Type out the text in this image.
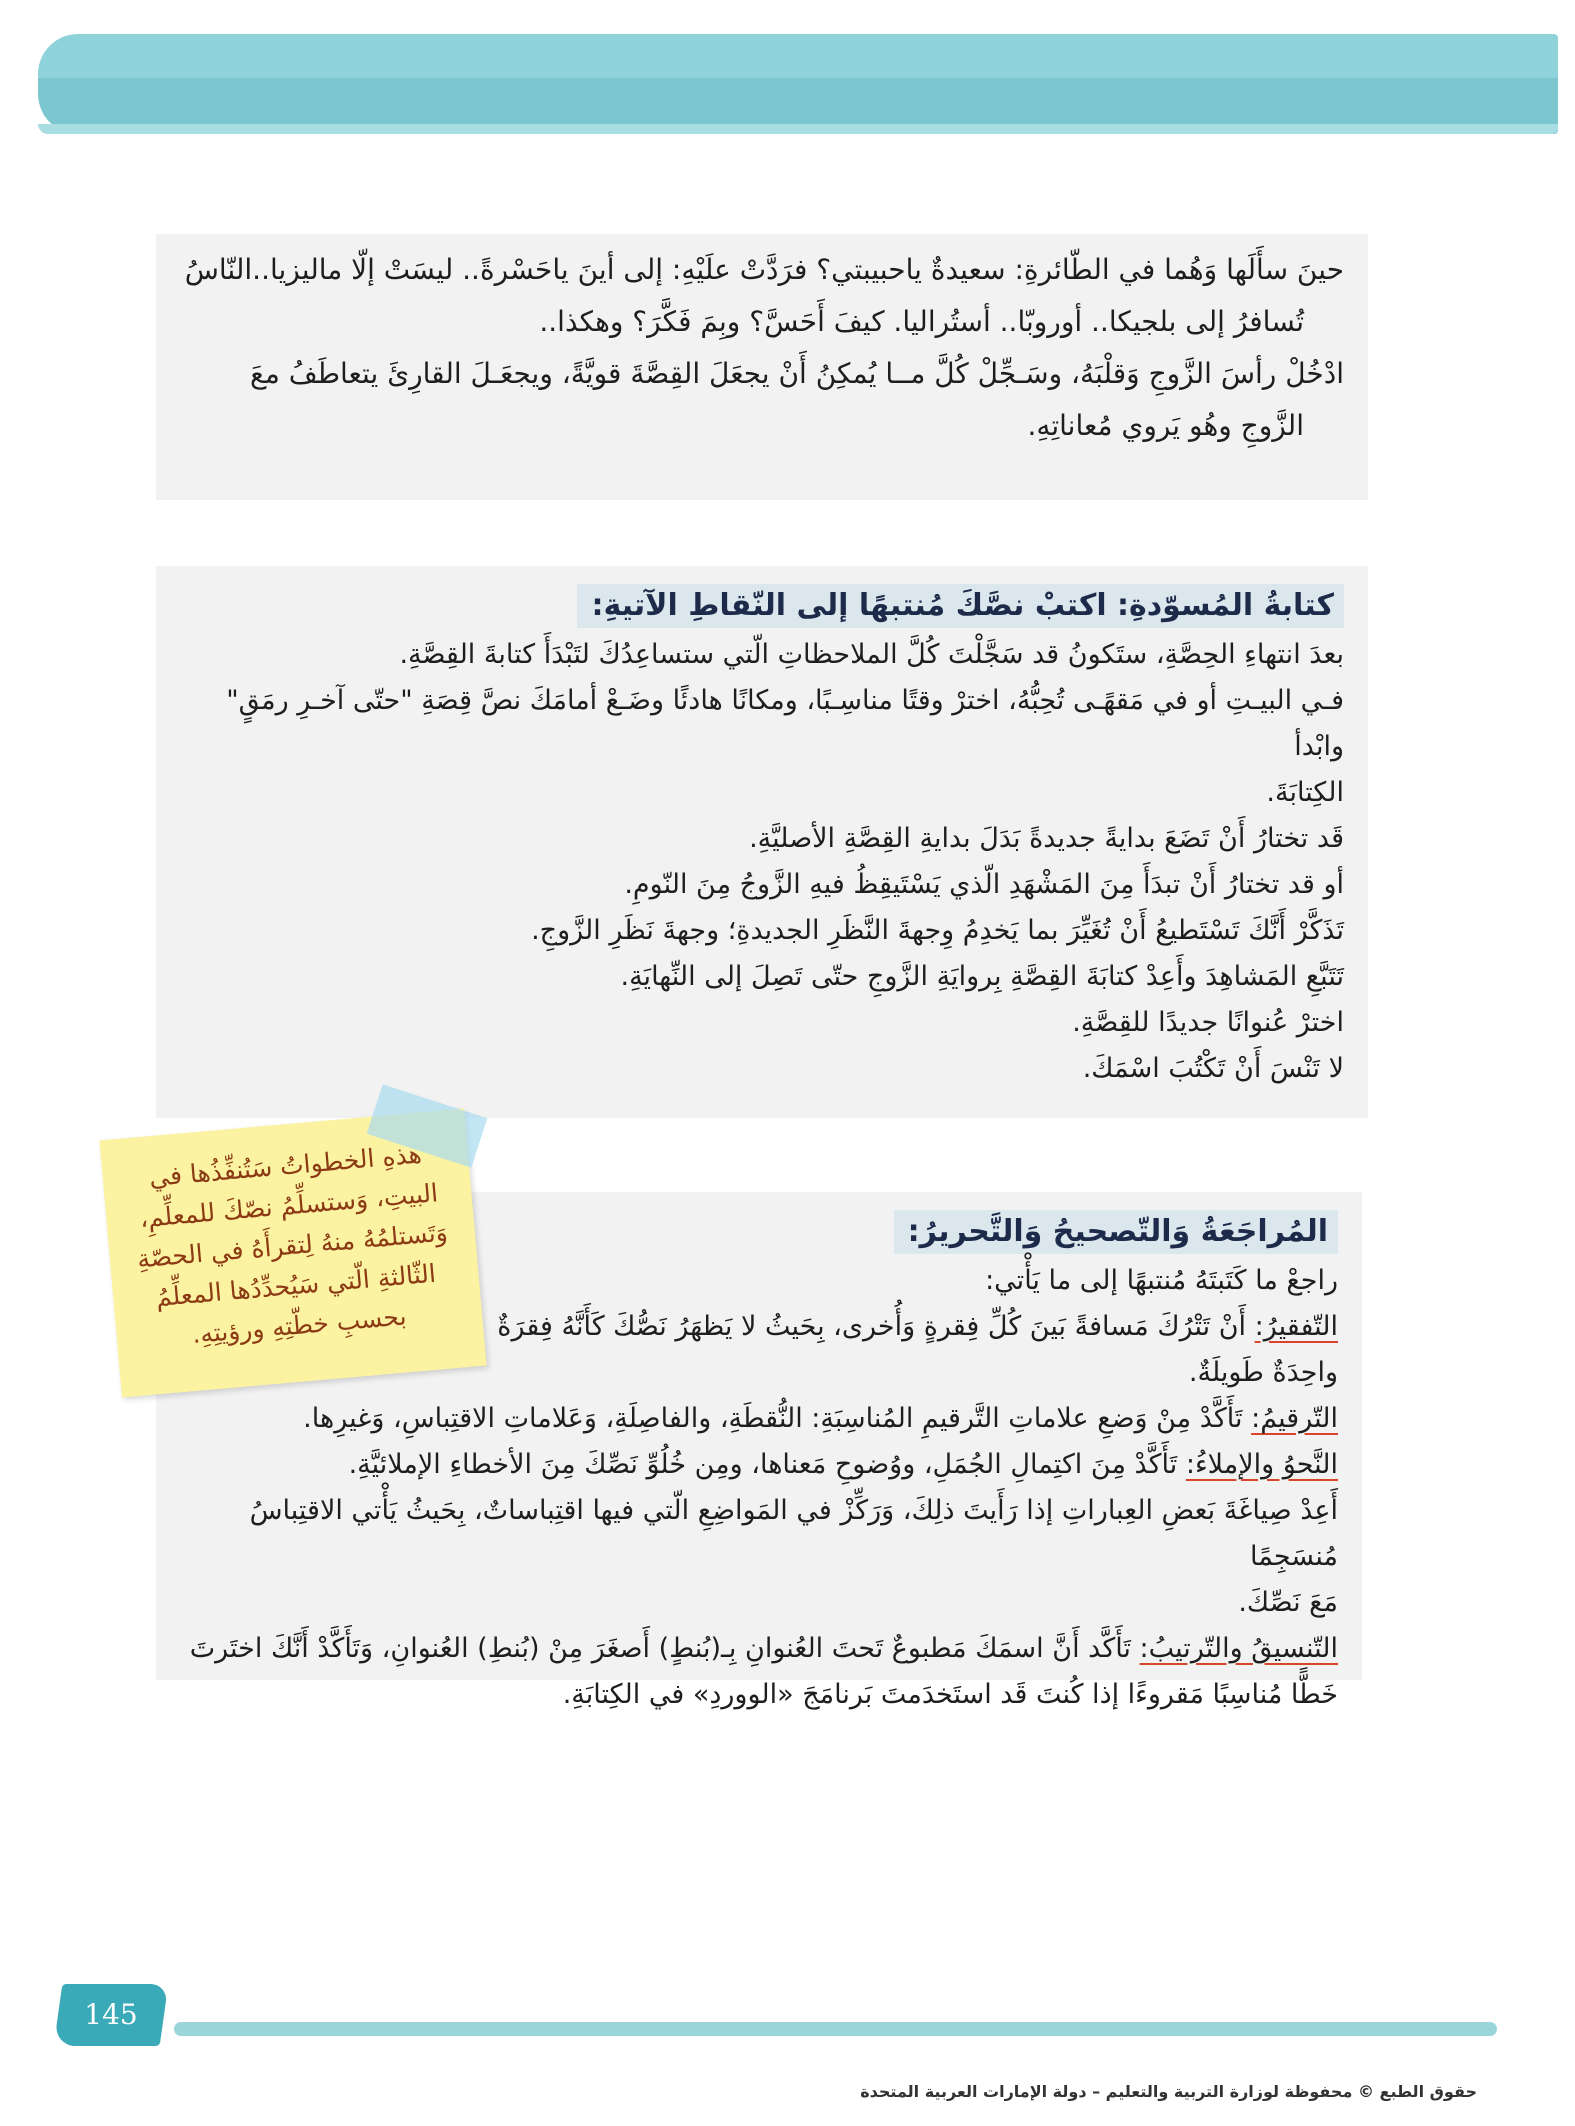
حينَ سأَلَها وَهُما في الطّائرةِ: سعيدةٌ ياحبيبتي؟ فرَدَّتْ علَيْهِ: إلى أينَ ياحَسْرةً.. ليسَتْ إلّا ماليزيا..النّاسُ

تُسافرُ إلى بلجيكا.. أوروبّا.. أستُراليا. كيفَ أَحَسَّ؟ وبِمَ فَكَّرَ؟ وهكذا..

ادْخُلْ رأسَ الزَّوجِ وَقلْبَهُ، وسَـجِّلْ كُلَّ مــا يُمكِنُ أَنْ يجعَلَ القِصَّةَ قويَّةً، ويجعَـلَ القارِئَ يتعاطَفُ معَ

الزَّوجِ وهُو يَروي مُعاناتِهِ.

كتابةُ المُسوّدةِ: اكتبْ نصَّكَ مُنتبهًا إلى النّقاطِ الآتيةِ:

بعدَ انتهاءِ الحِصَّةِ، ستَكونُ قد سَجَّلْتَ كُلَّ الملاحظاتِ الّتي ستساعِدُكَ لتَبْدَأَ كتابةَ القِصَّةِ.

فـي البيـتِ أو في مَقهًـى تُحِبُّهُ، اخترْ وقتًا مناسِـبًا، ومكانًا هادئًا وضَـعْ أمامَكَ نصَّ قِصَةِ "حتّى آخـرِ رمَقٍ" وابْدأ

الكِتابَةَ.

قَد تختارُ أَنْ تَضَعَ بدايةً جديدةً بَدَلَ بدايةِ القِصَّةِ الأصليَّةِ.

أو قد تختارُ أَنْ تبدَأَ مِنَ المَشْهَدِ الّذي يَسْتَيقِظُ فيهِ الزَّوجُ مِنَ النّومِ.

تَذَكَّرْ أَنَّكَ تَسْتَطيعُ أَنْ تُغَيِّرَ بما يَخدِمُ وِجهةَ النَّظَرِ الجديدةِ؛ وجهةَ نَظَرِ الزَّوجِ.

تَتَبَّعِ المَشاهِدَ وأَعِدْ كتابَةَ القِصَّةِ بِروايَةِ الزَّوجِ حتّى تَصِلَ إلى النِّهايَةِ.

اخترْ عُنوانًا جديدًا للقِصَّةِ.

لا تَنْسَ أَنْ تَكْتُبَ اسْمَكَ.

المُراجَعَةُ وَالتّصحيحُ وَالتَّحريرُ:

راجعْ ما كَتَبتَهُ مُنتبهًا إلى ما يَأْتي:

التّفقيرُ: أَنْ تَتْرُكَ مَسافةً بَينَ كُلِّ فِقرةٍ وَأُخرى، بِحَيثُ لا يَظهَرُ نَصُّكَ كَأَنَّهُ فِقرَةٌ

واحِدَةٌ طَويلَةٌ.

التّرقيمُ: تَأَكَّدْ مِنْ وَضعِ علاماتِ التَّرقيمِ المُناسِبَةِ: النُّقطَةِ، والفاصِلَةِ، وَعَلاماتِ الاقتِباسِ، وَغيرِها.

النَّحوُ والإملاءُ: تَأَكَّدْ مِنَ اكتِمالِ الجُمَلِ، ووُضوحِ مَعناها، ومِن خُلُوِّ نَصِّكَ مِنَ الأخطاءِ الإملائيَّةِ.

أَعِدْ صِياغَةَ بَعضِ العِباراتِ إذا رَأَيتَ ذلِكَ، وَرَكِّزْ في المَواضِعِ الّتي فيها اقتِباساتٌ، بِحَيثُ يَأْتي الاقتِباسُ مُنسَجِمًا

مَعَ نَصِّكَ.

التّنسيقُ والتّرتيبُ: تَأَكَّد أَنَّ اسمَكَ مَطبوعٌ تَحتَ العُنوانِ بِـ(بُنطٍ) أَصغَرَ مِنْ (بُنطِ) العُنوانِ، وَتَأَكَّدْ أَنَّكَ اختَرتَ

خَطًّا مُناسِبًا مَقروءًا إذا كُنتَ قَد استَخدَمتَ بَرنامَجَ «الووردِ» في الكِتابَةِ.

هذهِ الخطواتُ سَتُنفِّذُها في

البيتِ، وَستسلِّمُ نصّكَ للمعلِّمِ،

وَتَستلمُهُ منهُ لِتقرأَهُ في الحصّةِ

الثّالثةِ الّتي سَيُحدِّدُها المعلِّمُ

بحسبِ خطّتِهِ ورؤيتِهِ.

145
حقوق الطبع © محفوظة لوزارة التربية والتعليم – دولة الإمارات العربية المتحدة
